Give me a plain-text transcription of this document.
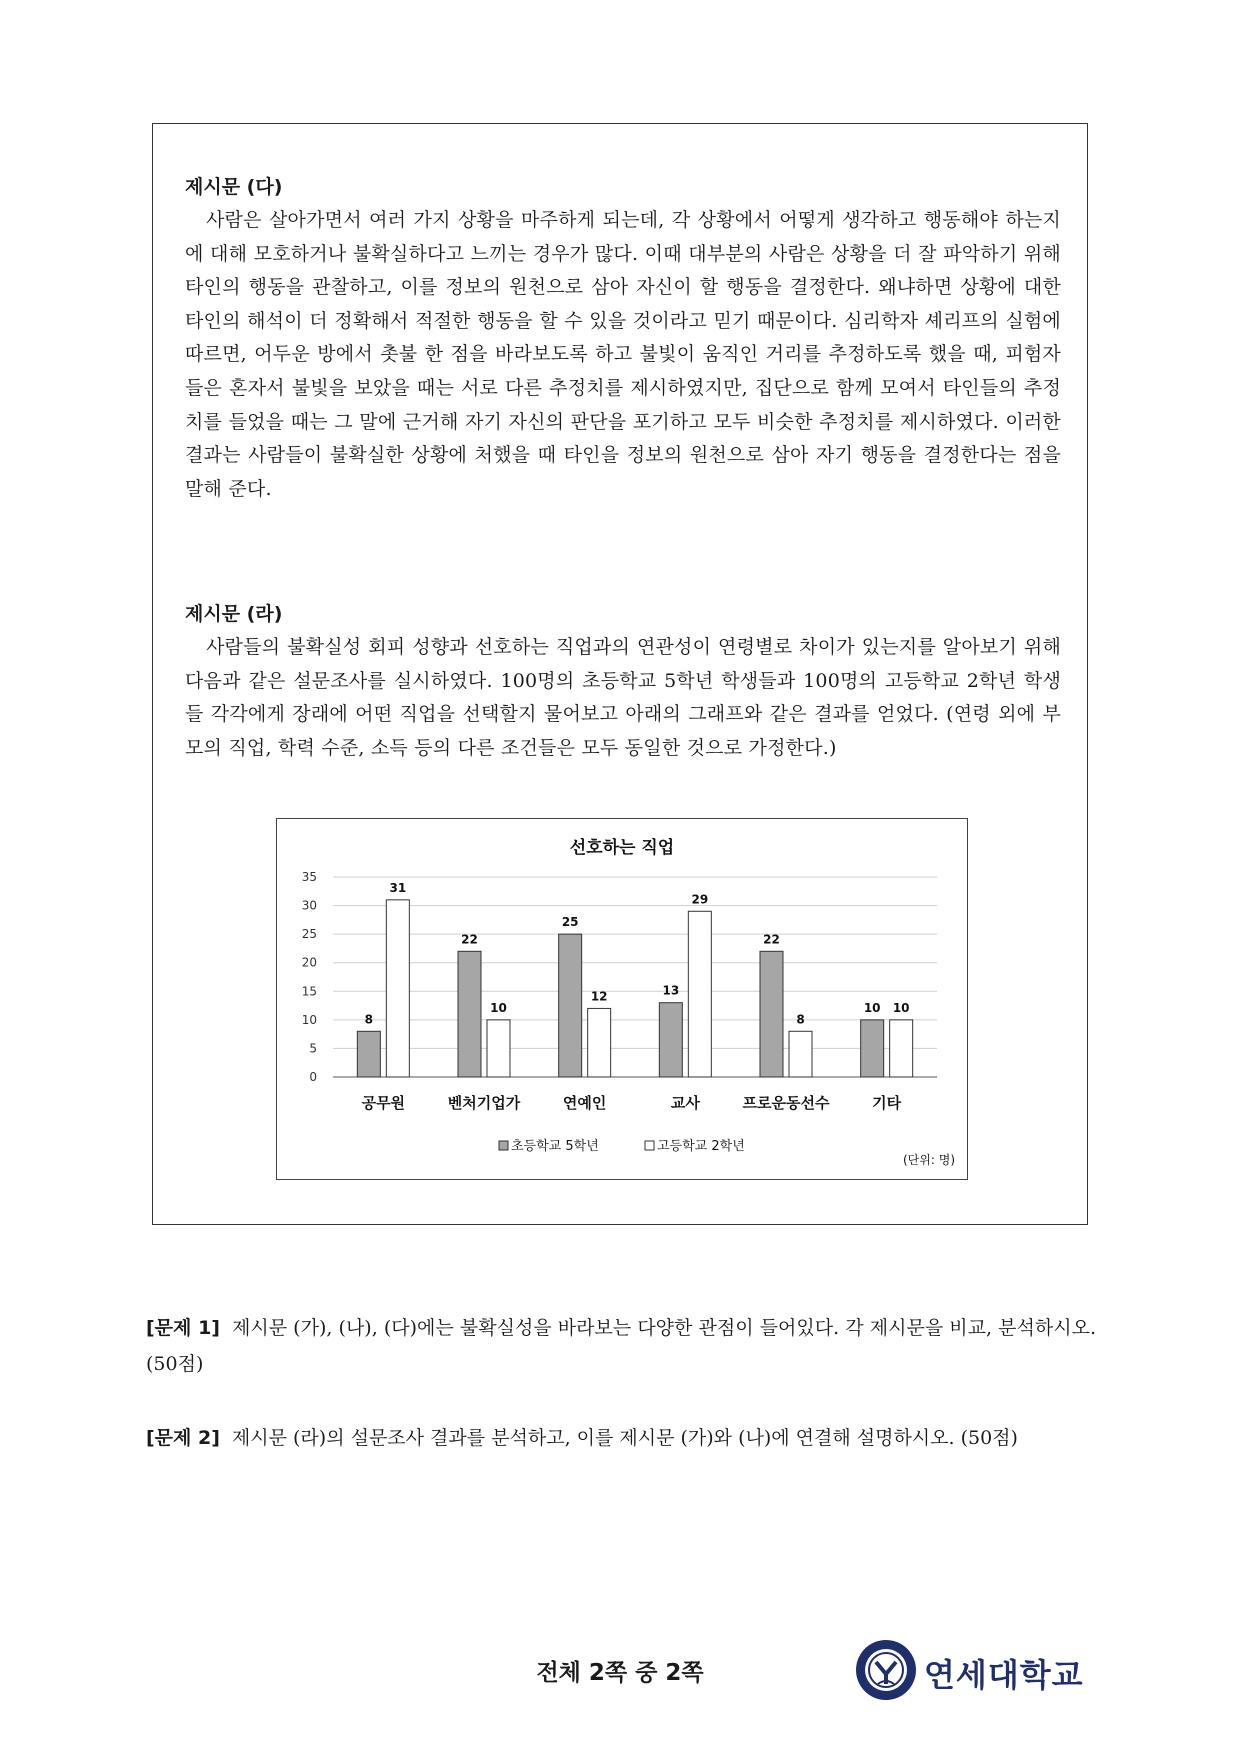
제시문 (다)

사람은 살아가면서 여러 가지 상황을 마주하게 되는데, 각 상황에서 어떻게 생각하고 행동해야 하는지에 대해 모호하거나 불확실하다고 느끼는 경우가 많다. 이때 대부분의 사람은 상황을 더 잘 파악하기 위해 타인의 행동을 관찰하고, 이를 정보의 원천으로 삼아 자신이 할 행동을 결정한다. 왜냐하면 상황에 대한 타인의 해석이 더 정확해서 적절한 행동을 할 수 있을 것이라고 믿기 때문이다. 심리학자 셰리프의 실험에 따르면, 어두운 방에서 촛불 한 점을 바라보도록 하고 불빛이 움직인 거리를 추정하도록 했을 때, 피험자들은 혼자서 불빛을 보았을 때는 서로 다른 추정치를 제시하였지만, 집단으로 함께 모여서 타인들의 추정치를 들었을 때는 그 말에 근거해 자기 자신의 판단을 포기하고 모두 비슷한 추정치를 제시하였다. 이러한 결과는 사람들이 불확실한 상황에 처했을 때 타인을 정보의 원천으로 삼아 자기 행동을 결정한다는 점을 말해 준다.

제시문 (라)

사람들의 불확실성 회피 성향과 선호하는 직업과의 연관성이 연령별로 차이가 있는지를 알아보기 위해 다음과 같은 설문조사를 실시하였다. 100명의 초등학교 5학년 학생들과 100명의 고등학교 2학년 학생들 각각에게 장래에 어떤 직업을 선택할지 물어보고 아래의 그래프와 같은 결과를 얻었다. (연령 외에 부모의 직업, 학력 수준, 소득 등의 다른 조건들은 모두 동일한 것으로 가정한다.)

선호하는 직업
0
5
10
15
20
25
30
35
8
31
공무원
22
10
벤처기업가
25
12
연예인
13
29
교사
22
8
프로운동선수
10 10
기타
초등학교 5학년	고등학교 2학년
(단위: 명)

[문제 1] 제시문 (가), (나), (다)에는 불확실성을 바라보는 다양한 관점이 들어있다. 각 제시문을 비교, 분석하시오. (50점)

[문제 2] 제시문 (라)의 설문조사 결과를 분석하고, 이를 제시문 (가)와 (나)에 연결해 설명하시오. (50점)

전체 2쪽 중 2쪽	연세대학교
